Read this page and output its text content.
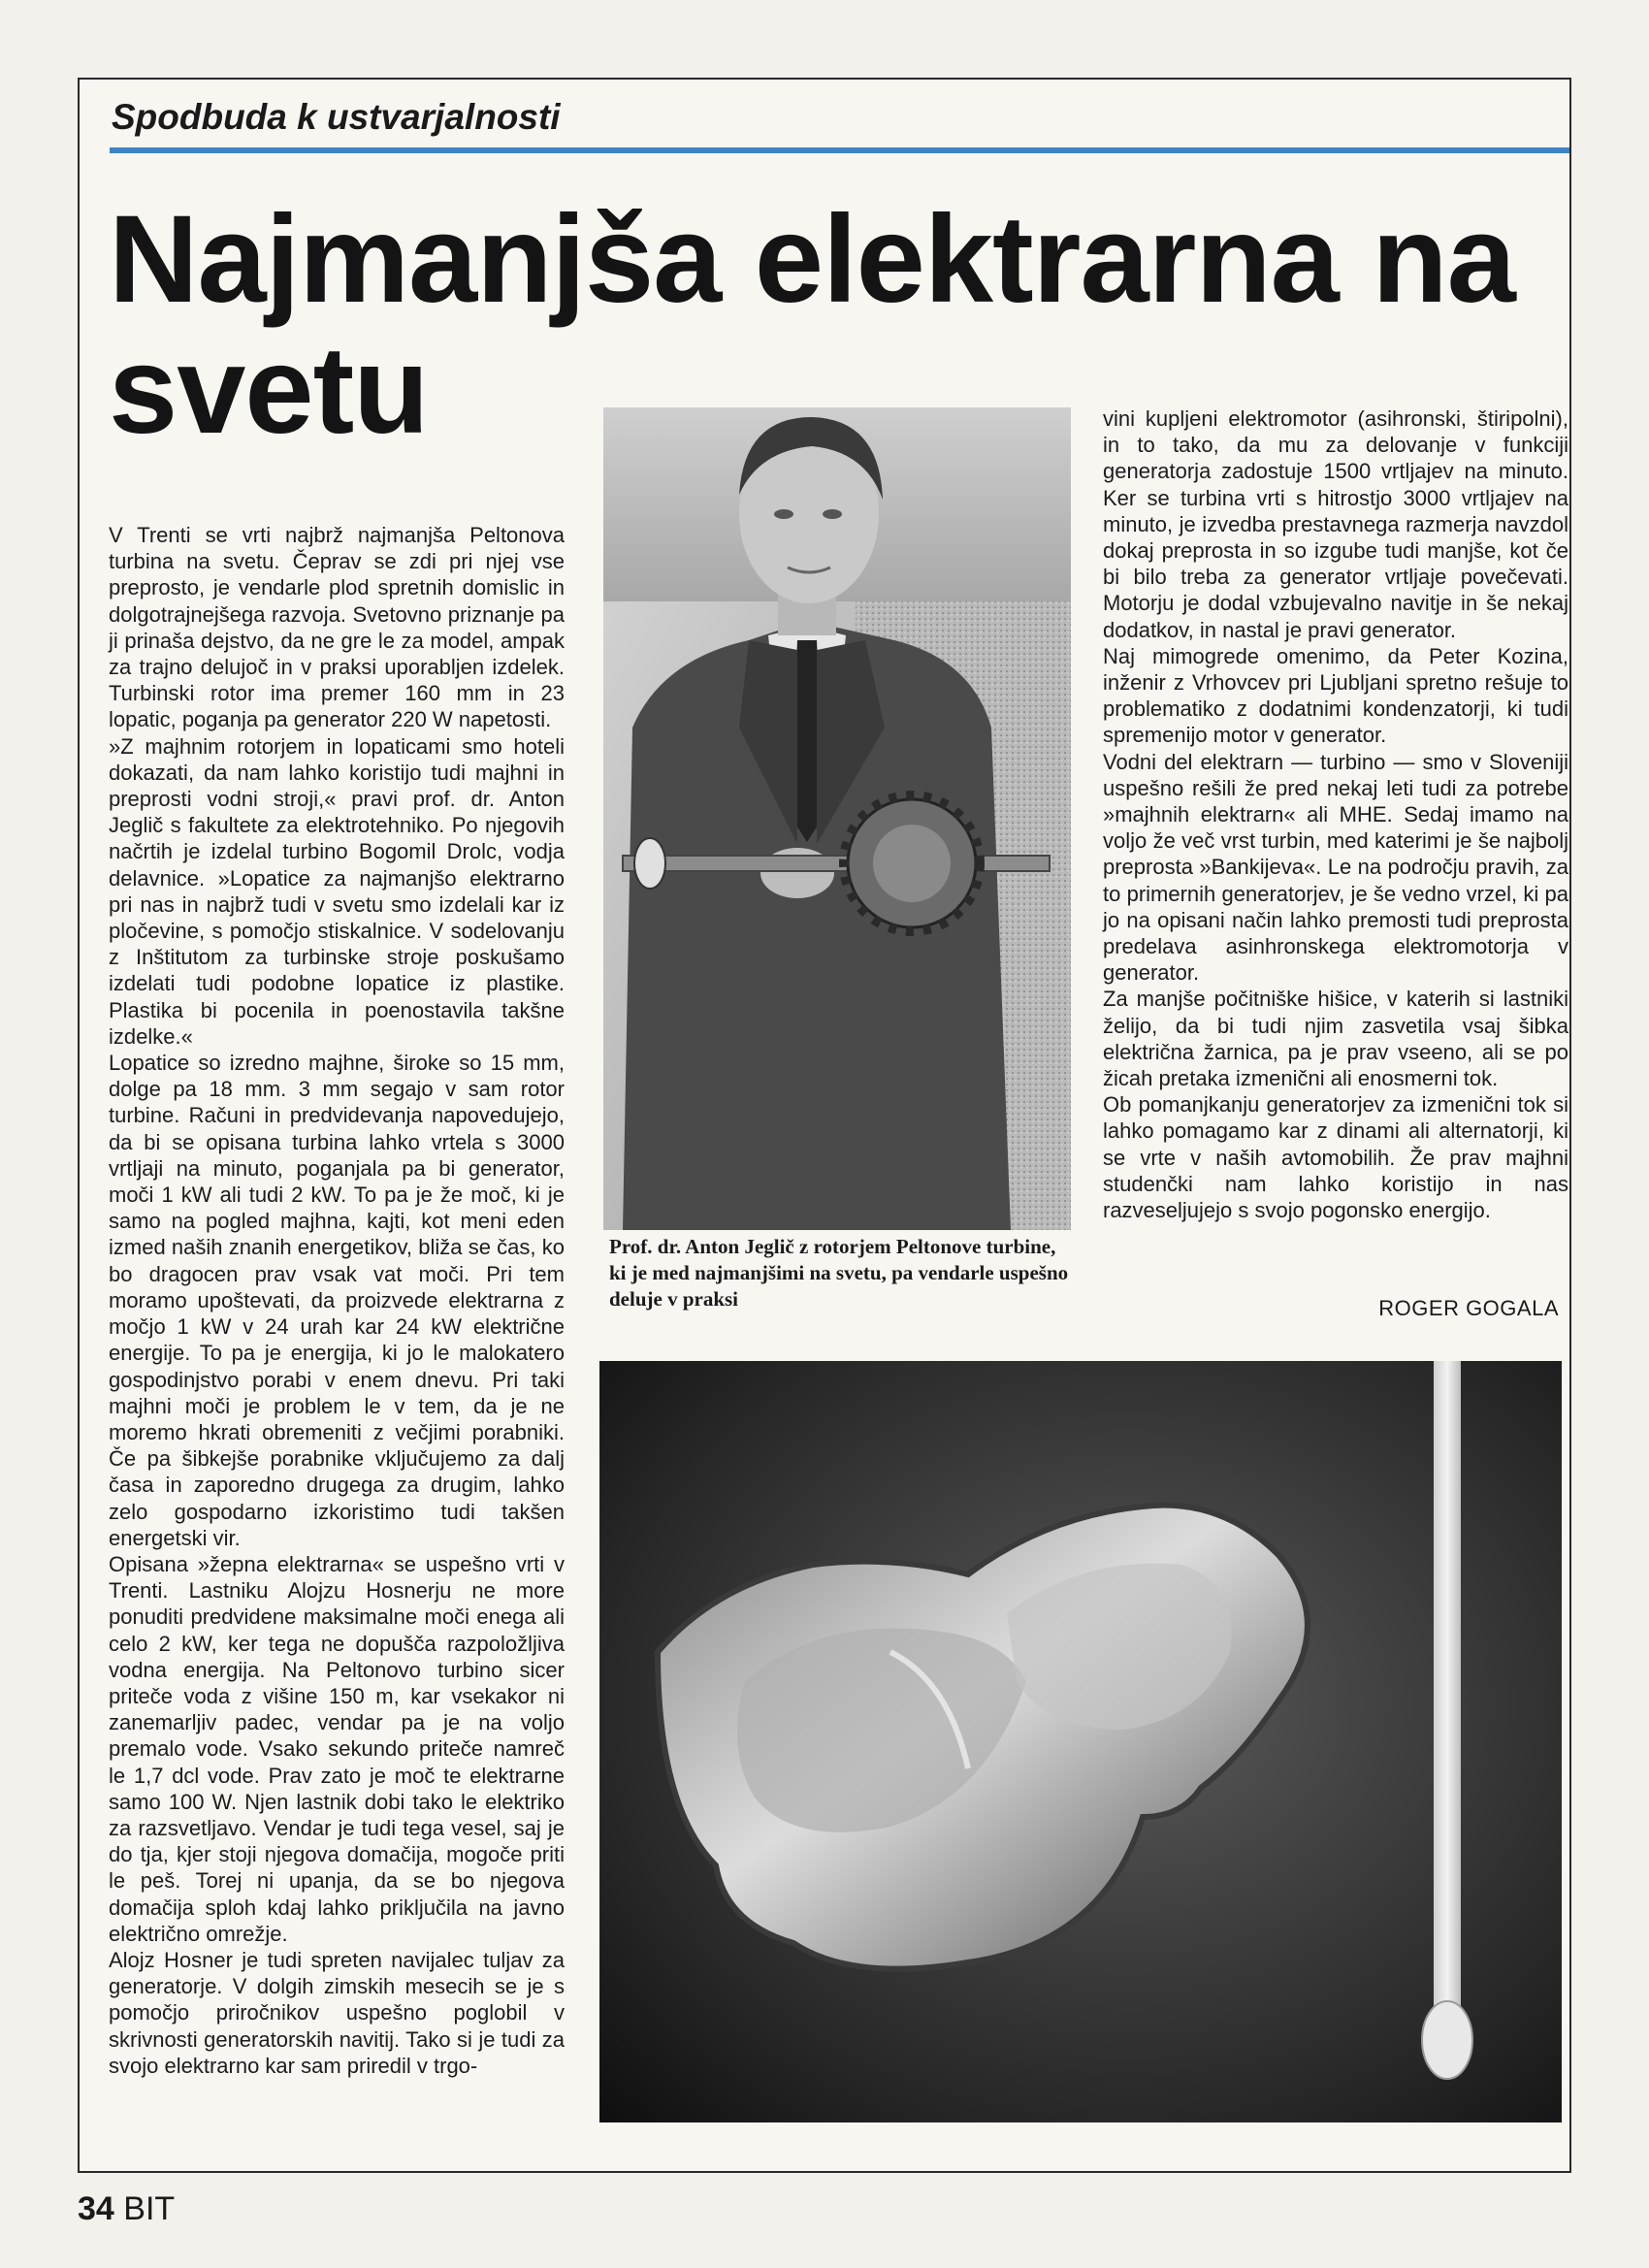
Spodbuda k ustvarjalnosti
Najmanjša elektrarna na svetu

V Trenti se vrti najbrž najmanjša Peltonova turbina na svetu. Čeprav se zdi pri njej vse preprosto, je vendarle plod spretnih domislic in dolgotrajnejšega razvoja. Svetovno priznanje pa ji prinaša dejstvo, da ne gre le za model, ampak za trajno delujoč in v praksi uporabljen izdelek. Turbinski rotor ima premer 160 mm in 23 lopatic, poganja pa generator 220 W napetosti.

»Z majhnim rotorjem in lopaticami smo hoteli dokazati, da nam lahko koristijo tudi majhni in preprosti vodni stroji,« pravi prof. dr. Anton Jeglič s fakultete za elektrotehniko. Po njegovih načrtih je izdelal turbino Bogomil Drolc, vodja delavnice. »Lopatice za najmanjšo elektrarno pri nas in najbrž tudi v svetu smo izdelali kar iz pločevine, s pomočjo stiskalnice. V sodelovanju z Inštitutom za turbinske stroje poskušamo izdelati tudi podobne lopatice iz plastike. Plastika bi pocenila in poenostavila takšne izdelke.«

Lopatice so izredno majhne, široke so 15 mm, dolge pa 18 mm. 3 mm segajo v sam rotor turbine. Računi in predvidevanja napovedujejo, da bi se opisana turbina lahko vrtela s 3000 vrtljaji na minuto, poganjala pa bi generator, moči 1 kW ali tudi 2 kW. To pa je že moč, ki je samo na pogled majhna, kajti, kot meni eden izmed naših znanih energetikov, bliža se čas, ko bo dragocen prav vsak vat moči. Pri tem moramo upoštevati, da proizvede elektrarna z močjo 1 kW v 24 urah kar 24 kW električne energije. To pa je energija, ki jo le malokatero gospodinjstvo porabi v enem dnevu. Pri taki majhni moči je problem le v tem, da je ne moremo hkrati obremeniti z večjimi porabniki. Če pa šibkejše porabnike vključujemo za dalj časa in zaporedno drugega za drugim, lahko zelo gospodarno izkoristimo tudi takšen energetski vir.

Opisana »žepna elektrarna« se uspešno vrti v Trenti. Lastniku Alojzu Hosnerju ne more ponuditi predvidene maksimalne moči enega ali celo 2 kW, ker tega ne dopušča razpoložljiva vodna energija. Na Peltonovo turbino sicer priteče voda z višine 150 m, kar vsekakor ni zanemarljiv padec, vendar pa je na voljo premalo vode. Vsako sekundo priteče namreč le 1,7 dcl vode. Prav zato je moč te elektrarne samo 100 W. Njen lastnik dobi tako le elektriko za razsvetljavo. Vendar je tudi tega vesel, saj je do tja, kjer stoji njegova domačija, mogoče priti le peš. Torej ni upanja, da se bo njegova domačija sploh kdaj lahko priključila na javno električno omrežje.

Alojz Hosner je tudi spreten navijalec tuljav za generatorje. V dolgih zimskih mesecih se je s pomočjo priročnikov uspešno poglobil v skrivnosti generatorskih navitij. Tako si je tudi za svojo elektrarno kar sam priredil v trgo-

Prof. dr. Anton Jeglič z rotorjem Peltonove turbine, ki je med najmanjšimi na svetu, pa vendarle uspešno deluje v praksi

vini kupljeni elektromotor (asihronski, štiripolni), in to tako, da mu za delovanje v funkciji generatorja zadostuje 1500 vrtljajev na minuto. Ker se turbina vrti s hitrostjo 3000 vrtljajev na minuto, je izvedba prestavnega razmerja navzdol dokaj preprosta in so izgube tudi manjše, kot če bi bilo treba za generator vrtljaje povečevati. Motorju je dodal vzbujevalno navitje in še nekaj dodatkov, in nastal je pravi generator.

Naj mimogrede omenimo, da Peter Kozina, inženir z Vrhovcev pri Ljubljani spretno rešuje to problematiko z dodatnimi kondenzatorji, ki tudi spremenijo motor v generator.

Vodni del elektrarn — turbino — smo v Sloveniji uspešno rešili že pred nekaj leti tudi za potrebe »majhnih elektrarn« ali MHE. Sedaj imamo na voljo že več vrst turbin, med katerimi je še najbolj preprosta »Bankijeva«. Le na področju pravih, za to primernih generatorjev, je še vedno vrzel, ki pa jo na opisani način lahko premosti tudi preprosta predelava asinhronskega elektromotorja v generator.

Za manjše počitniške hišice, v katerih si lastniki želijo, da bi tudi njim zasvetila vsaj šibka električna žarnica, pa je prav vseeno, ali se po žicah pretaka izmenični ali enosmerni tok.

Ob pomanjkanju generatorjev za izmenični tok si lahko pomagamo kar z dinami ali alternatorji, ki se vrte v naših avtomobilih. Že prav majhni studenčki nam lahko koristijo in nas razveseljujejo s svojo pogonsko energijo.

ROGER GOGALA
34 BIT
